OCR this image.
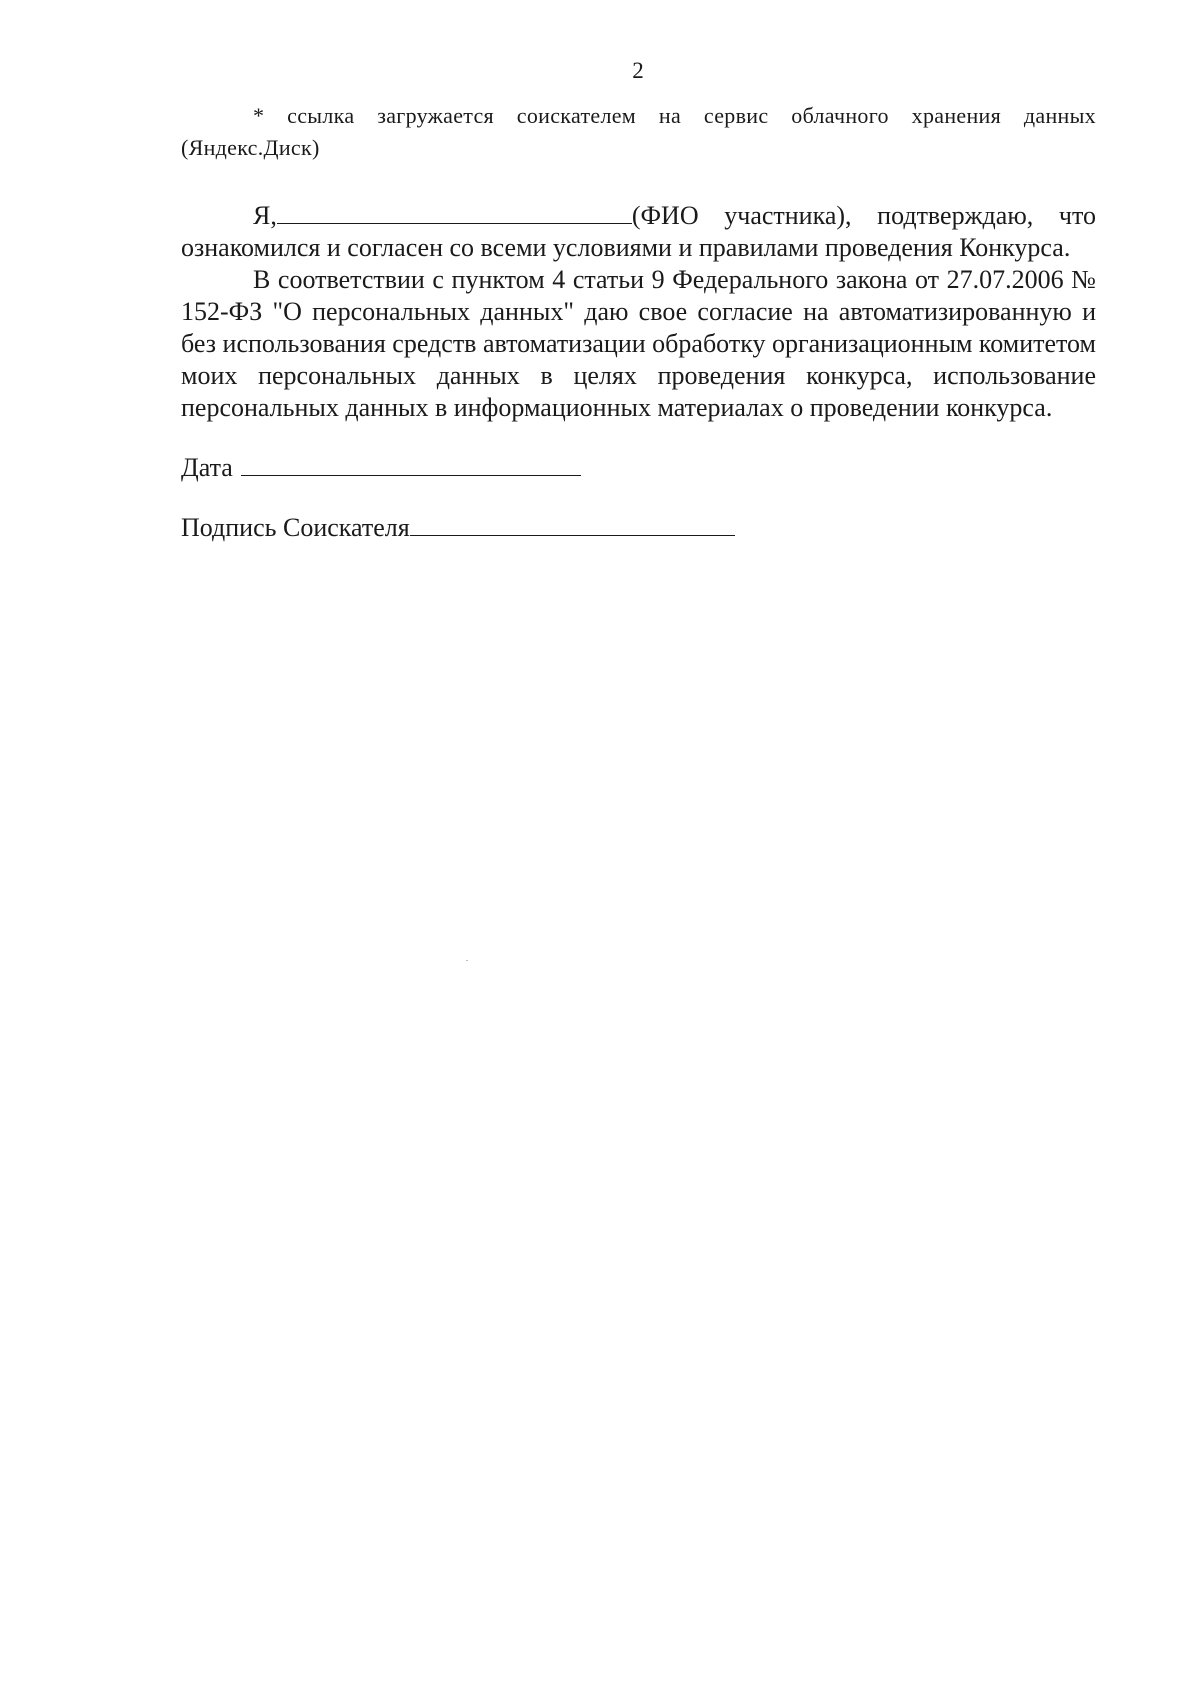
2

* ссылка загружается соискателем на сервис облачного хранения данных (Яндекс.Диск)

Я,	(ФИО участника), подтверждаю, что ознакомился и согласен со всеми условиями и правилами проведения Конкурса.

В соответствии с пунктом 4 статьи 9 Федерального закона от 27.07.2006 № 152-ФЗ "О персональных данных" даю свое согласие на автоматизированную и без использования средств автоматизации обработку организационным комитетом моих персональных данных в целях проведения конкурса, использование персональных данных в информационных материалах о проведении конкурса.

Дата

Подпись Соискателя
